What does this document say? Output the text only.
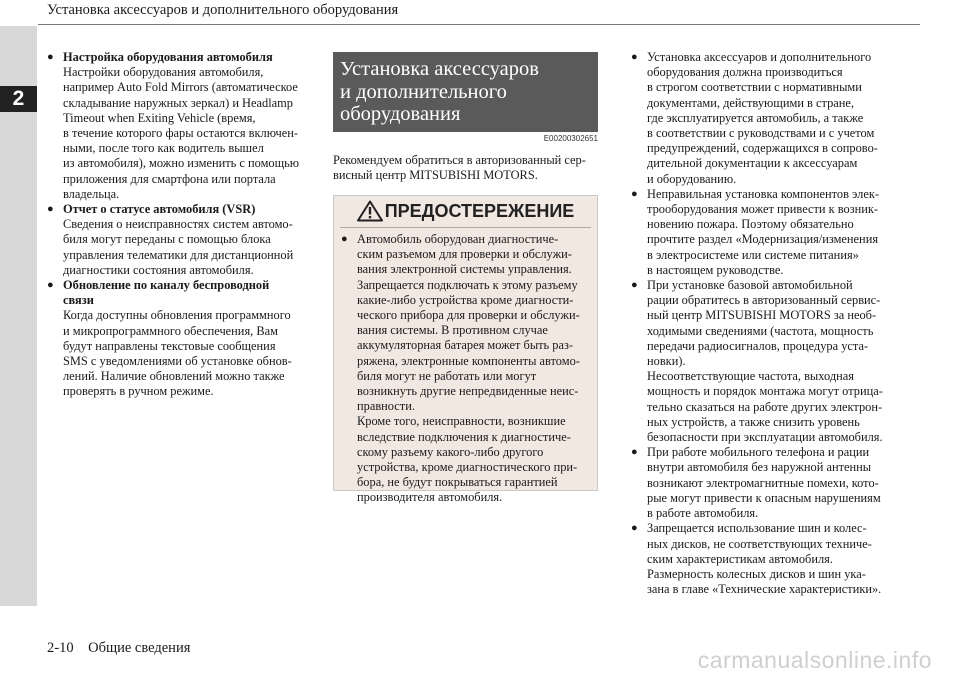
Установка аксессуаров и дополнительного оборудования
2
● Настройка оборудования автомобиля
Настройки оборудования автомобиля,
например Auto Fold Mirrors (автоматическое
складывание наружных зеркал) и Headlamp
Timeout when Exiting Vehicle (время,
в течение которого фары остаются включен-
ными, после того как водитель вышел
из автомобиля), можно изменить с помощью
приложения для смартфона или портала
владельца.
● Отчет о статусе автомобиля (VSR)
Сведения о неисправностях систем автомо-
биля могут переданы с помощью блока
управления телематики для дистанционной
диагностики состояния автомобиля.
● Обновление по каналу беспроводной
связи
Когда доступны обновления программного
и микропрограммного обеспечения, Вам
будут направлены текстовые сообщения
SMS с уведомлениями об установке обнов-
лений. Наличие обновлений можно также
проверять в ручном режиме.
Установка аксессуаров
и дополнительного
оборудования
E00200302651
Рекомендуем обратиться в авторизованный сер-
висный центр MITSUBISHI MOTORS.
ПРЕДОСТЕРЕЖЕНИЕ
● Автомобиль оборудован диагностиче-
ским разъемом для проверки и обслужи-
вания электронной системы управления.
Запрещается подключать к этому разъему
какие-либо устройства кроме диагности-
ческого прибора для проверки и обслужи-
вания системы. В противном случае
аккумуляторная батарея может быть раз-
ряжена, электронные компоненты автомо-
биля могут не работать или могут
возникнуть другие непредвиденные неис-
правности.
Кроме того, неисправности, возникшие
вследствие подключения к диагностиче-
скому разъему какого-либо другого
устройства, кроме диагностического при-
бора, не будут покрываться гарантией
производителя автомобиля.
● Установка аксессуаров и дополнительного
оборудования должна производиться
в строгом соответствии с нормативными
документами, действующими в стране,
где эксплуатируется автомобиль, а также
в соответствии с руководствами и с учетом
предупреждений, содержащихся в сопрово-
дительной документации к аксессуарам
и оборудованию.
● Неправильная установка компонентов элек-
трооборудования может привести к возник-
новению пожара. Поэтому обязательно
прочтите раздел «Модернизация/изменения
в электросистеме или системе питания»
в настоящем руководстве.
● При установке базовой автомобильной
рации обратитесь в авторизованный сервис-
ный центр MITSUBISHI MOTORS за необ-
ходимыми сведениями (частота, мощность
передачи радиосигналов, процедура уста-
новки).
Несоответствующие частота, выходная
мощность и порядок монтажа могут отрица-
тельно сказаться на работе других электрон-
ных устройств, а также снизить уровень
безопасности при эксплуатации автомобиля.
● При работе мобильного телефона и рации
внутри автомобиля без наружной антенны
возникают электромагнитные помехи, кото-
рые могут привести к опасным нарушениям
в работе автомобиля.
● Запрещается использование шин и колес-
ных дисков, не соответствующих техниче-
ским характеристикам автомобиля.
Размерность колесных дисков и шин ука-
зана в главе «Технические характеристики».
2-10 Общие сведения	carmanualsonline.info
